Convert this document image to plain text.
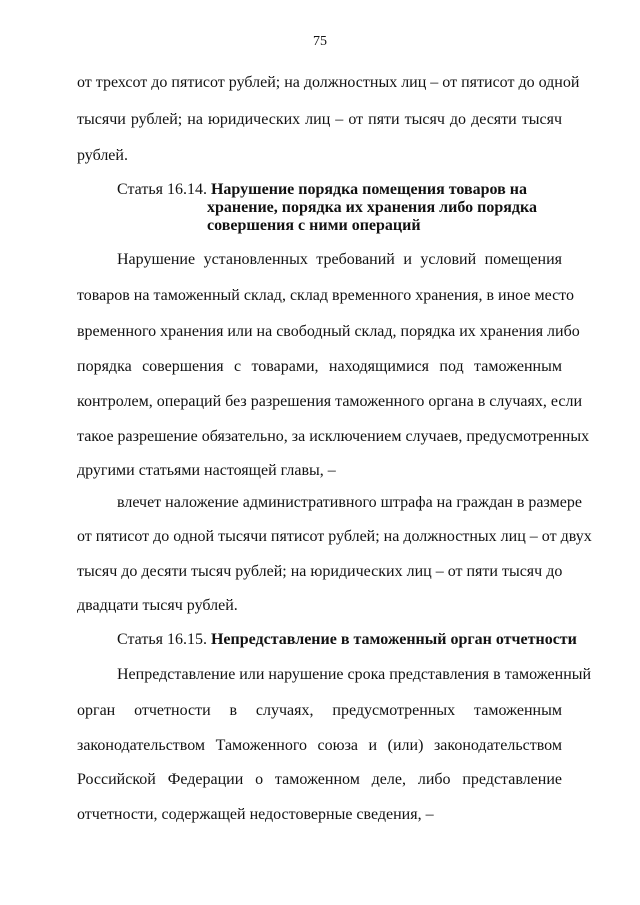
75
от трехсот до пятисот рублей; на должностных лиц – от пятисот до одной
тысячи рублей; на юридических лиц – от пяти тысяч до десяти тысяч
рублей.
Статья 16.14. Нарушение порядка помещения товаров на
хранение, порядка их хранения либо порядка
совершения с ними операций
Нарушение установленных требований и условий помещения
товаров на таможенный склад, склад временного хранения, в иное место
временного хранения или на свободный склад, порядка их хранения либо
порядка совершения с товарами, находящимися под таможенным
контролем, операций без разрешения таможенного органа в случаях, если
такое разрешение обязательно, за исключением случаев, предусмотренных
другими статьями настоящей главы, –
влечет наложение административного штрафа на граждан в размере
от пятисот до одной тысячи пятисот рублей; на должностных лиц – от двух
тысяч до десяти тысяч рублей; на юридических лиц – от пяти тысяч до
двадцати тысяч рублей.
Статья 16.15. Непредставление в таможенный орган отчетности
Непредставление или нарушение срока представления в таможенный
орган отчетности в случаях, предусмотренных таможенным
законодательством Таможенного союза и (или) законодательством
Российской Федерации о таможенном деле, либо представление
отчетности, содержащей недостоверные сведения, –
